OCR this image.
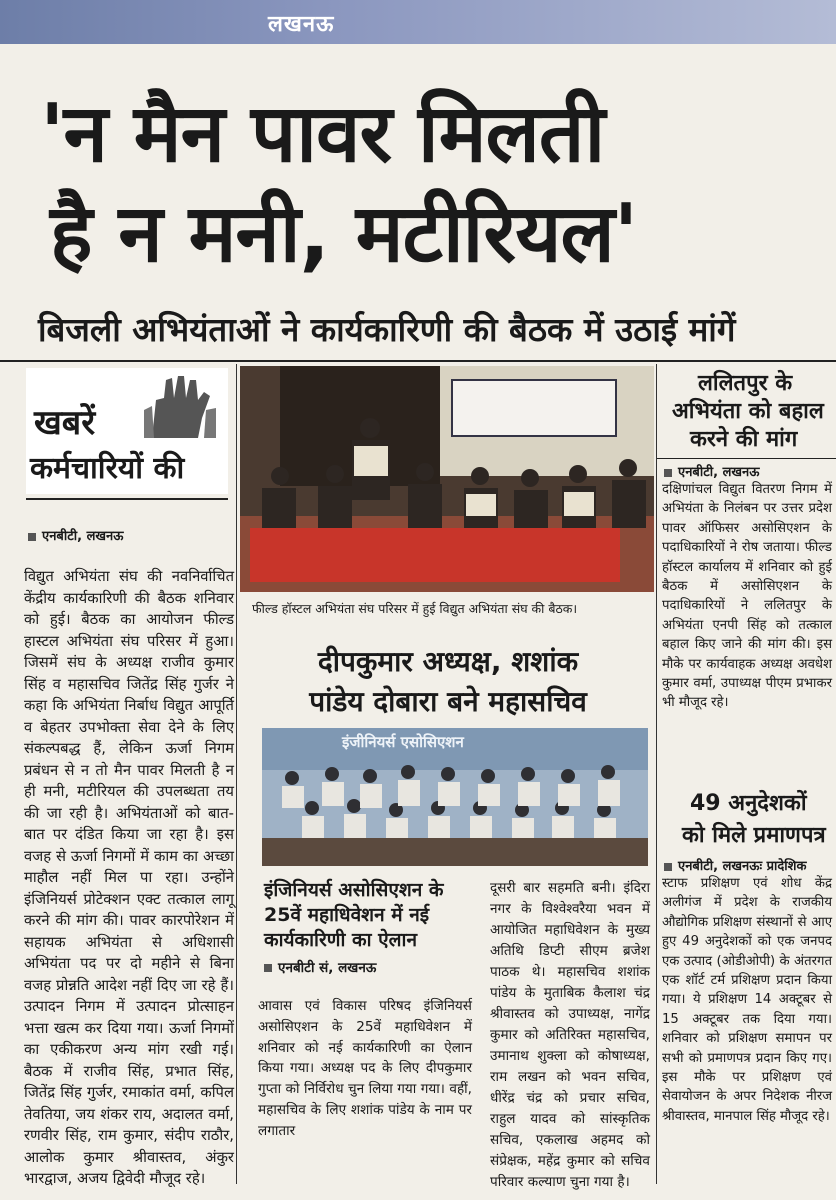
लखनऊ
'न मैन पावर मिलती
है न मनी, मटीरियल'
बिजली अभियंताओं ने कार्यकारिणी की बैठक में उठाई मांगें
खबरें
कर्मचारियों की
एनबीटी, लखनऊ
विद्युत अभियंता संघ की नवनिर्वाचित केंद्रीय कार्यकारिणी की बैठक शनिवार को हुई। बैठक का आयोजन फील्ड हास्टल अभियंता संघ परिसर में हुआ। जिसमें संघ के अध्यक्ष राजीव कुमार सिंह व महासचिव जितेंद्र सिंह गुर्जर ने कहा कि अभियंता निर्बाध विद्युत आपूर्ति व बेहतर उपभोक्ता सेवा देने के लिए संकल्पबद्ध हैं, लेकिन ऊर्जा निगम प्रबंधन से न तो मैन पावर मिलती है न ही मनी, मटीरियल की उपलब्धता तय की जा रही है। अभियंताओं को बात-बात पर दंडित किया जा रहा है। इस वजह से ऊर्जा निगमों में काम का अच्छा माहौल नहीं मिल पा रहा। उन्होंने इंजिनियर्स प्रोटेक्शन एक्ट तत्काल लागू करने की मांग की। पावर कारपोरेशन में सहायक अभियंता से अधिशासी अभियंता पद पर दो महीने से बिना वजह प्रोन्नति आदेश नहीं दिए जा रहे हैं। उत्पादन निगम में उत्पादन प्रोत्साहन भत्ता खत्म कर दिया गया। ऊर्जा निगमों का एकीकरण अन्य मांग रखी गई। बैठक में राजीव सिंह, प्रभात सिंह, जितेंद्र सिंह गुर्जर, रमाकांत वर्मा, कपिल तेवतिया, जय शंकर राय, अदालत वर्मा, रणवीर सिंह, राम कुमार, संदीप राठौर, आलोक कुमार श्रीवास्तव, अंकुर भारद्वाज, अजय द्विवेदी मौजूद रहे।
फील्ड हॉस्टल अभियंता संघ परिसर में हुई विद्युत अभियंता संघ की बैठक।
ललितपुर के
अभियंता को बहाल
करने की मांग
एनबीटी, लखनऊ
दक्षिणांचल विद्युत वितरण निगम में अभियंता के निलंबन पर उत्तर प्रदेश पावर ऑफिसर असोसिएशन के पदाधिकारियों ने रोष जताया। फील्ड हॉस्टल कार्यालय में शनिवार को हुई बैठक में असोसिएशन के पदाधिकारियों ने ललितपुर के अभियंता एनपी सिंह को तत्काल बहाल किए जाने की मांग की। इस मौके पर कार्यवाहक अध्यक्ष अवधेश कुमार वर्मा, उपाध्यक्ष पीएम प्रभाकर भी मौजूद रहे।
दीपकुमार अध्यक्ष, शशांक
पांडेय दोबारा बने महासचिव
इंजीनियर्स एसोसिएशन
इंजिनियर्स असोसिएशन के 25वें महाधिवेशन में नई कार्यकारिणी का ऐलान
एनबीटी सं, लखनऊ
आवास एवं विकास परिषद इंजिनियर्स असोसिएशन के 25वें महाधिवेशन में शनिवार को नई कार्यकारिणी का ऐलान किया गया। अध्यक्ष पद के लिए दीपकुमार गुप्ता को निर्विरोध चुन लिया गया गया। वहीं, महासचिव के लिए शशांक पांडेय के नाम पर लगातार
दूसरी बार सहमति बनी। इंदिरा नगर के विश्वेश्वरैया भवन में आयोजित महाधिवेशन के मुख्य अतिथि डिप्टी सीएम ब्रजेश पाठक थे। महासचिव शशांक पांडेय के मुताबिक कैलाश चंद्र श्रीवास्तव को उपाध्यक्ष, नागेंद्र कुमार को अतिरिक्त महासचिव, उमानाथ शुक्ला को कोषाध्यक्ष, राम लखन को भवन सचिव, धीरेंद्र चंद्र को प्रचार सचिव, राहुल यादव को सांस्कृतिक सचिव, एकलाख अहमद को संप्रेक्षक, महेंद्र कुमार को सचिव परिवार कल्याण चुना गया है।
49 अनुदेशकों
को मिले प्रमाणपत्र
एनबीटी, लखनऊः प्रादेशिक
स्टाफ प्रशिक्षण एवं शोध केंद्र अलीगंज में प्रदेश के राजकीय औद्योगिक प्रशिक्षण संस्थानों से आए हुए 49 अनुदेशकों को एक जनपद एक उत्पाद (ओडीओपी) के अंतरगत एक शॉर्ट टर्म प्रशिक्षण प्रदान किया गया। ये प्रशिक्षण 14 अक्टूबर से 15 अक्टूबर तक दिया गया। शनिवार को प्रशिक्षण समापन पर सभी को प्रमाणपत्र प्रदान किए गए। इस मौके पर प्रशिक्षण एवं सेवायोजन के अपर निदेशक नीरज श्रीवास्तव, मानपाल सिंह मौजूद रहे।
